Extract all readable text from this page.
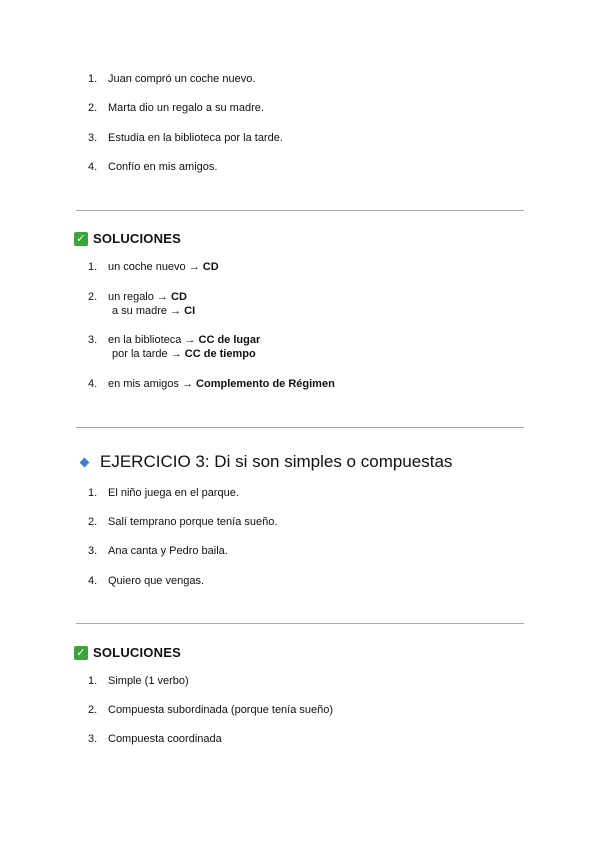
1. Juan compró un coche nuevo.
2. Marta dio un regalo a su madre.
3. Estudia en la biblioteca por la tarde.
4. Confío en mis amigos.
✓ SOLUCIONES
1. un coche nuevo → CD
2. un regalo → CD
a su madre → CI
3. en la biblioteca → CC de lugar
por la tarde → CC de tiempo
4. en mis amigos → Complemento de Régimen
EJERCICIO 3: Di si son simples o compuestas
1. El niño juega en el parque.
2. Salí temprano porque tenía sueño.
3. Ana canta y Pedro baila.
4. Quiero que vengas.
✓ SOLUCIONES
1. Simple (1 verbo)
2. Compuesta subordinada (porque tenía sueño)
3. Compuesta coordinada
